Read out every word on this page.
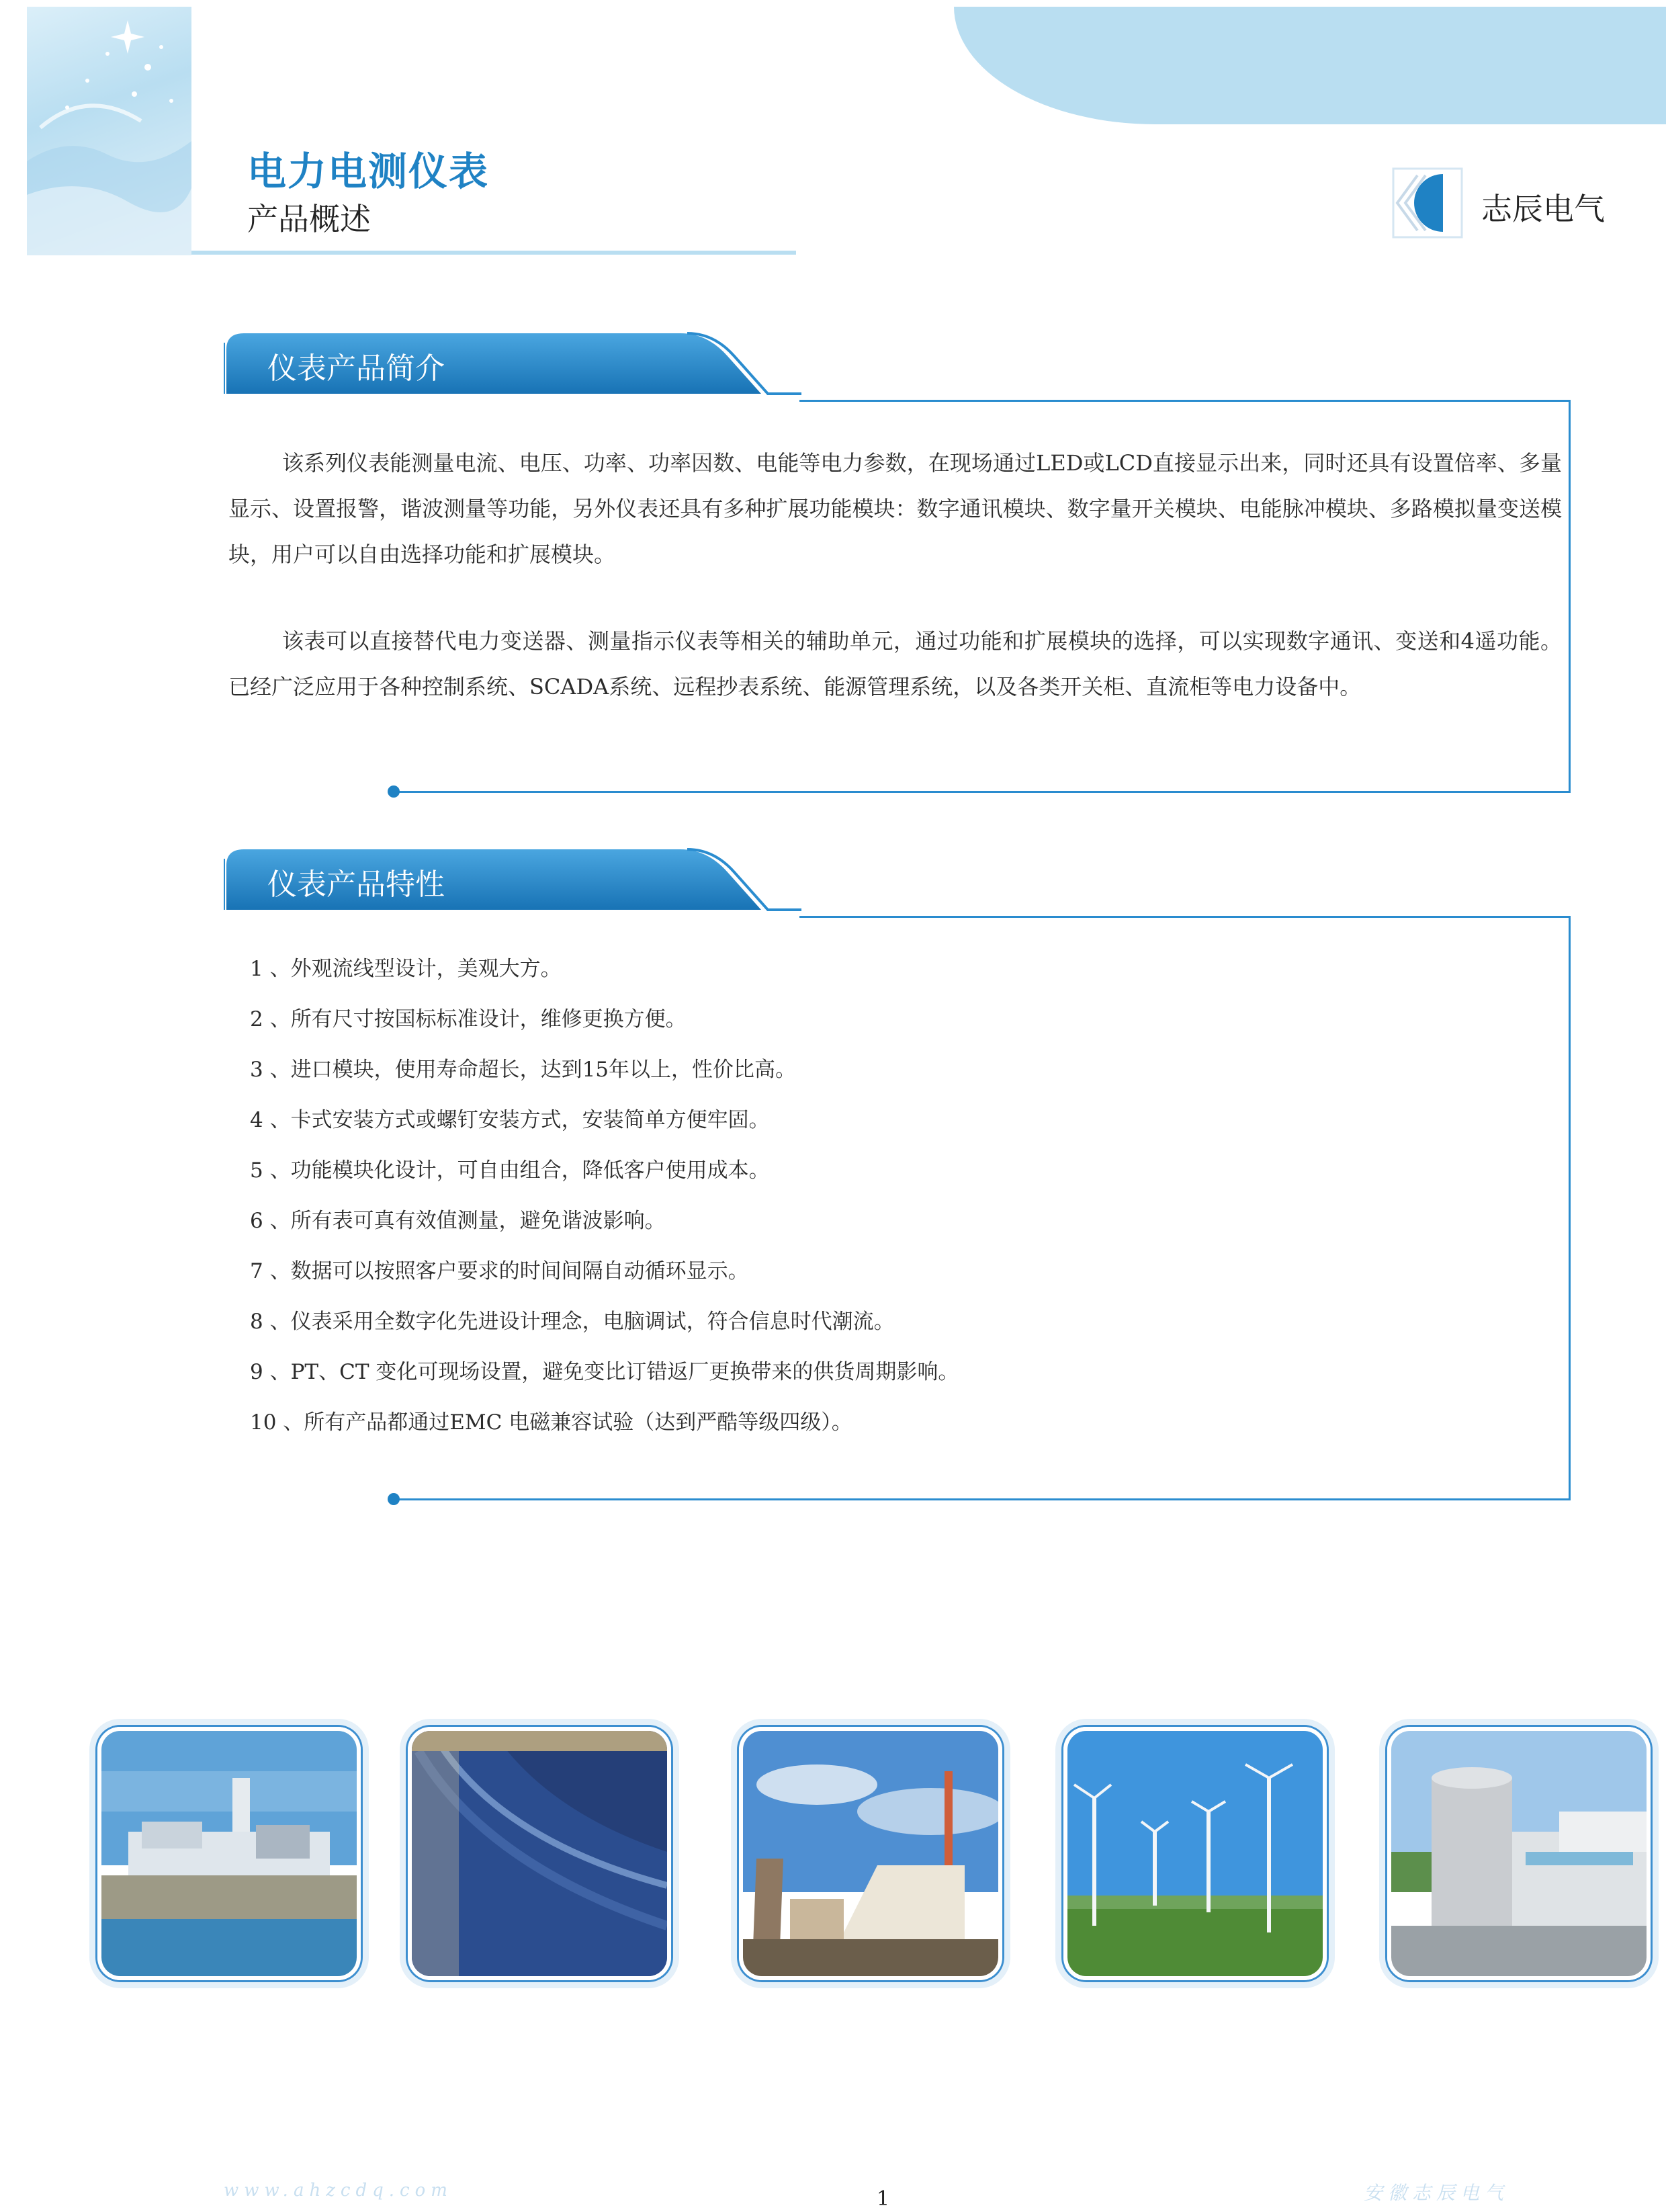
电力电测仪表
产品概述	志辰电气
仪表产品简介

该系列仪表能测量电流、电压、功率、功率因数、电能等电力参数，在现场通过LED或LCD直接显示出来，同时还具有设置倍率、多量显示、设置报警，谐波测量等功能，另外仪表还具有多种扩展功能模块：数字通讯模块、数字量开关模块、电能脉冲模块、多路模拟量变送模块，用户可以自由选择功能和扩展模块。

该表可以直接替代电力变送器、测量指示仪表等相关的辅助单元，通过功能和扩展模块的选择，可以实现数字通讯、变送和4遥功能。已经广泛应用于各种控制系统、SCADA系统、远程抄表系统、能源管理系统，以及各类开关柜、直流柜等电力设备中。

仪表产品特性
1 、外观流线型设计，美观大方。
2 、所有尺寸按国标标准设计，维修更换方便。
3 、进口模块，使用寿命超长，达到15年以上，性价比高。
4 、卡式安装方式或螺钉安装方式，安装简单方便牢固。
5 、功能模块化设计，可自由组合，降低客户使用成本。
6 、所有表可真有效值测量，避免谐波影响。
7 、数据可以按照客户要求的时间间隔自动循环显示。
8 、仪表采用全数字化先进设计理念，电脑调试，符合信息时代潮流。
9 、PT、CT 变化可现场设置，避免变比订错返厂更换带来的供货周期影响。
10 、所有产品都通过EMC 电磁兼容试验（达到严酷等级四级）。
www.ahzcdq.com	1	安徽志辰电气
